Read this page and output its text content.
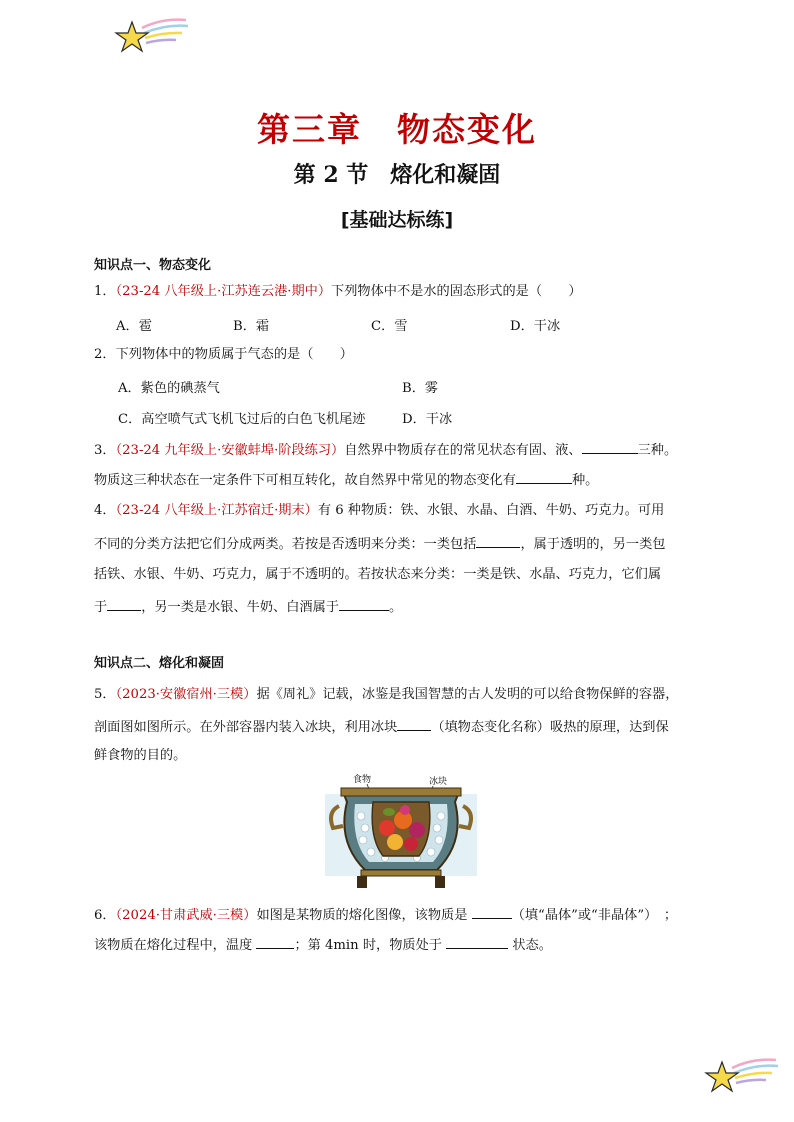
第三章　物态变化
第 2 节　熔化和凝固
[基础达标练]
知识点一、物态变化
1．（23-24 八年级上·江苏连云港·期中）下列物体中不是水的固态形式的是（　　）
A．雹	B．霜	C．雪	D．干冰
2．下列物体中的物质属于气态的是（　　）
A．紫色的碘蒸气	B．雾
C．高空喷气式飞机飞过后的白色飞机尾迹	D．干冰
3．（23-24 九年级上·安徽蚌埠·阶段练习）自然界中物质存在的常见状态有固、液、	三种。
物质这三种状态在一定条件下可相互转化，故自然界中常见的物态变化有	种。
4．（23-24 八年级上·江苏宿迁·期末）有 6 种物质：铁、水银、水晶、白酒、牛奶、巧克力。可用
不同的分类方法把它们分成两类。若按是否透明来分类：一类包括	，属于透明的，另一类包
括铁、水银、牛奶、巧克力，属于不透明的。若按状态来分类：一类是铁、水晶、巧克力，它们属
于	，另一类是水银、牛奶、白酒属于	。
知识点二、熔化和凝固
5．（2023·安徽宿州·三模）据《周礼》记载，冰鉴是我国智慧的古人发明的可以给食物保鲜的容器，
剖面图如图所示。在外部容器内装入冰块，利用冰块	（填物态变化名称）吸热的原理，达到保
鲜食物的目的。
食物	冰块
6．（2024·甘肃武威·三模）如图是某物质的熔化图像，该物质是	（填“晶体”或“非晶体”）　；
该物质在熔化过程中，温度	；第 4min 时，物质处于	状态。
